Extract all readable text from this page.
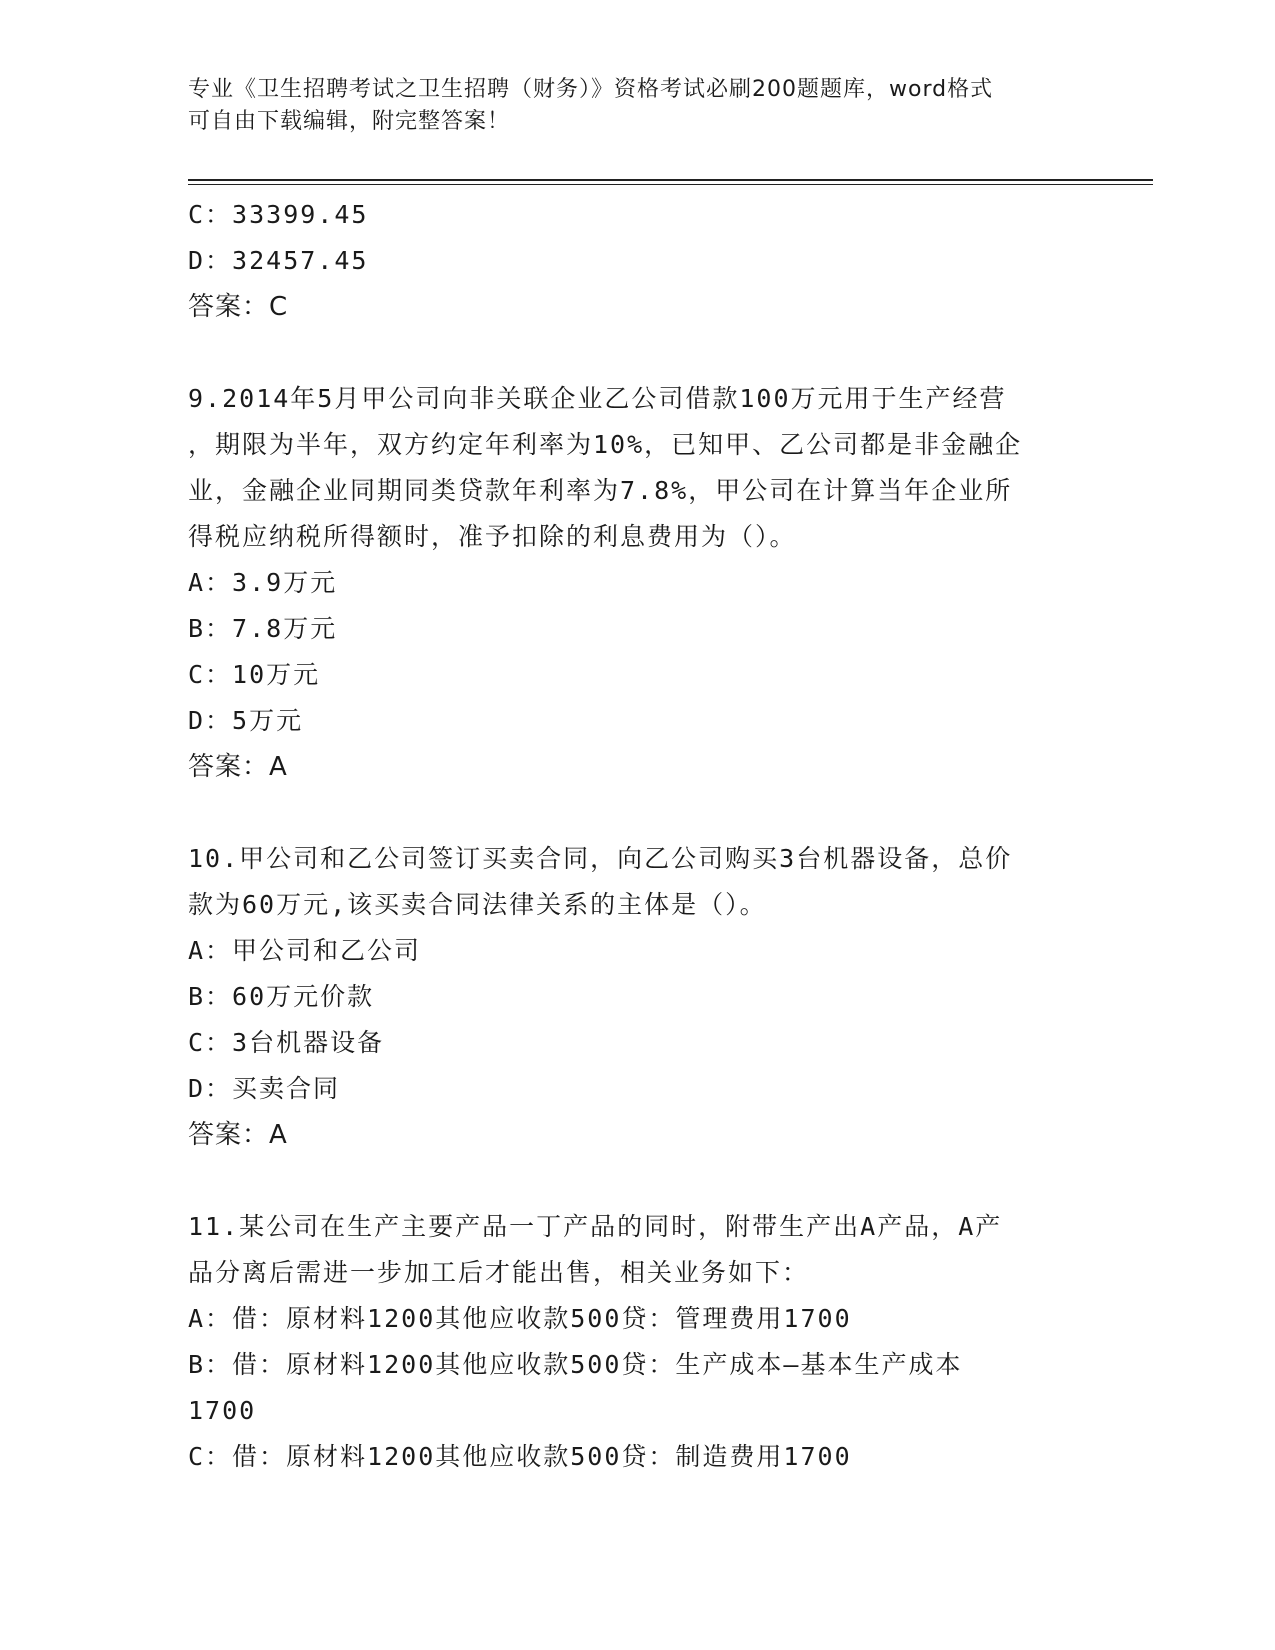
专业《卫生招聘考试之卫生招聘（财务）》资格考试必刷200题题库，word格式
可自由下载编辑，附完整答案！
C：33399.45
D：32457.45
答案：C
9.2014年5月甲公司向非关联企业乙公司借款100万元用于生产经营
，期限为半年，双方约定年利率为10%，已知甲、乙公司都是非金融企
业，金融企业同期同类贷款年利率为7.8%，甲公司在计算当年企业所
得税应纳税所得额时，准予扣除的利息费用为（）。
A：3.9万元
B：7.8万元
C：10万元
D：5万元
答案：A
10.甲公司和乙公司签订买卖合同，向乙公司购买3台机器设备，总价
款为60万元,该买卖合同法律关系的主体是（）。
A：甲公司和乙公司
B：60万元价款
C：3台机器设备
D：买卖合同
答案：A
11.某公司在生产主要产品一丁产品的同时，附带生产出A产品，A产
品分离后需进一步加工后才能出售，相关业务如下：
A：借：原材料1200其他应收款500贷：管理费用1700
B：借：原材料1200其他应收款500贷：生产成本—基本生产成本
1700
C：借：原材料1200其他应收款500贷：制造费用1700
